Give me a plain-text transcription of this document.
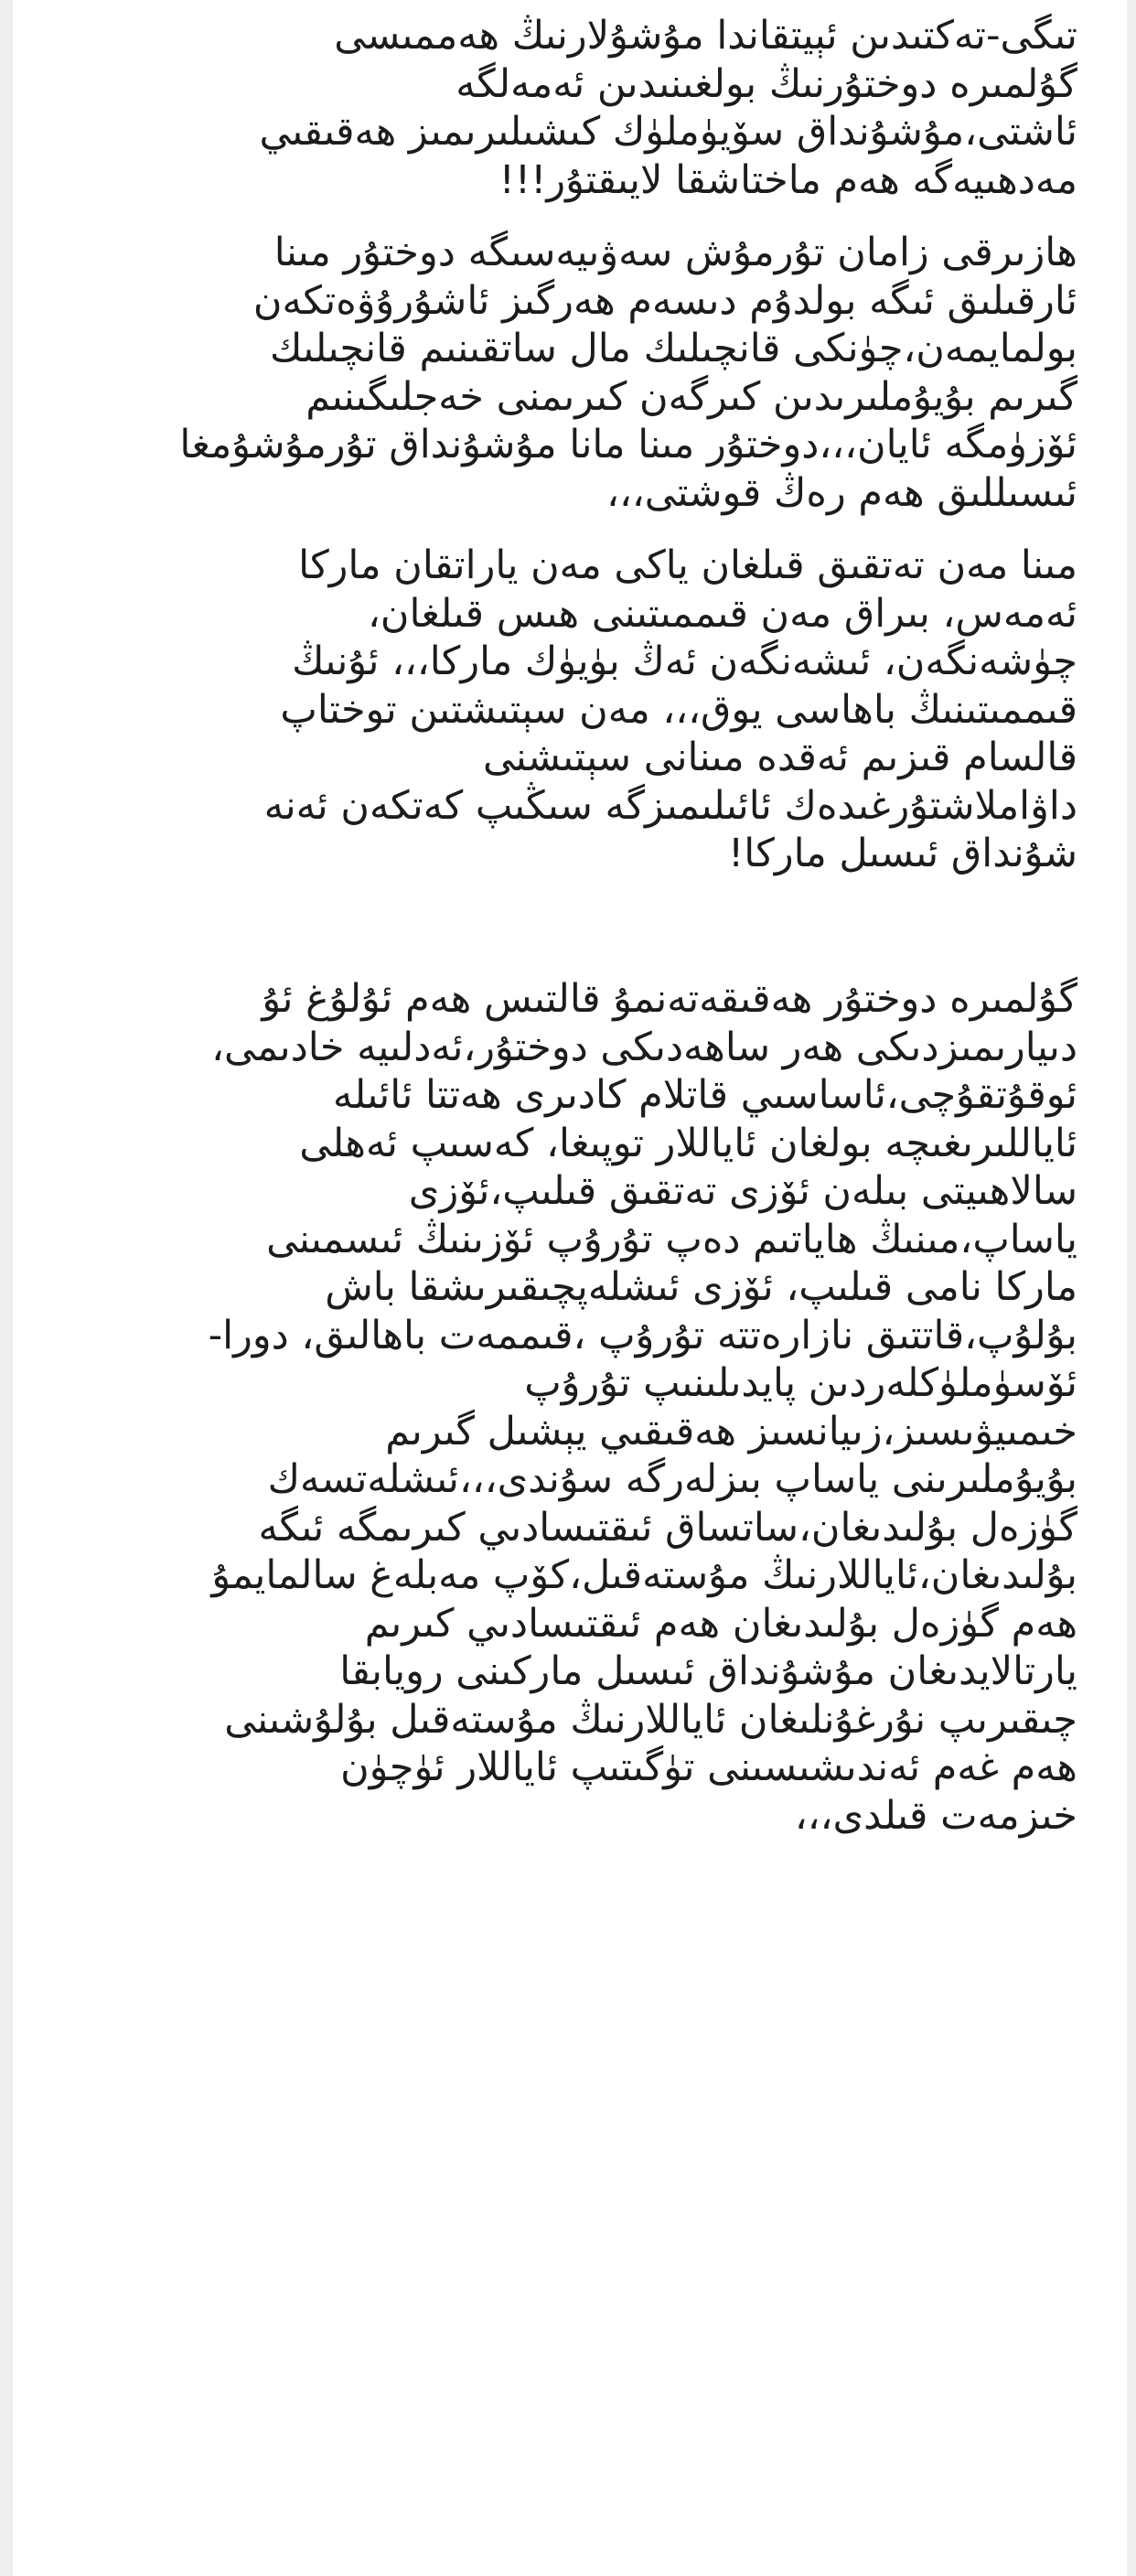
تىگى-تەكتىدىن ئېيتقاندا مۇشۇلارنىڭ ھەممىسى
گۇلمىرە دوختۇرنىڭ بولغىنىدىن ئەمەلگە
ئاشتى،مۇشۇنداق سۆيۈملۈك كىشىلىرىمىز ھەقىقىي
مەدھىيەگە ھەم ماختاشقا لايىقتۇر!!!
ھازىرقى زامان تۇرمۇش سەۋىيەسىگە دوختۇر مىنا
ئارقىلىق ئىگە بولدۇم دىسەم ھەرگىز ئاشۇرۇۋەتكەن
بولمايمەن،چۈنكى قانچىلىك مال ساتقىنىم قانچىلىك
گىرىم بۇيۇملىرىدىن كىرگەن كىرىمنى خەجلىگىنىم
ئۆزۈمگە ئايان،،،دوختۇر مىنا مانا مۇشۇنداق تۇرمۇشۇمغا
ئىسىللىق ھەم رەڭ قوشتى،،،
مىنا مەن تەتقىق قىلغان ياكى مەن ياراتقان ماركا
ئەمەس، بىراق مەن قىممىتىنى ھىس قىلغان،
چۈشەنگەن، ئىشەنگەن ئەڭ بۈيۈك ماركا،،، ئۇنىڭ
قىممىتىنىڭ باھاسى يوق،،، مەن سېتىشتىن توختاپ
قالسام قىزىم ئەقدە مىنانى سېتىشنى
داۋاملاشتۇرغىدەك ئائىلىمىزگە سىڭىپ كەتكەن ئەنە
شۇنداق ئىسىل ماركا!
گۇلمىرە دوختۇر ھەقىقەتەنمۇ قالتىس ھەم ئۇلۇغ ئۇ
دىيارىمىزدىكى ھەر ساھەدىكى دوختۇر،ئەدلىيە خادىمى،
ئوقۇتقۇچى،ئاساسىي قاتلام كادىرى ھەتتا ئائىلە
ئاياللىرىغىچە بولغان ئاياللار توپىغا، كەسىپ ئەھلى
سالاھىيتى بىلەن ئۆزى تەتقىق قىلىپ،ئۆزى
ياساپ،مىنىڭ ھاياتىم دەپ تۇرۇپ ئۆزىنىڭ ئىسمىنى
ماركا نامى قىلىپ، ئۆزى ئىشلەپچىقىرىشقا باش
بۇلۇپ،قاتتىق نازارەتتە تۇرۇپ ،قىممەت باھالىق، دورا-
ئۆسۈملۈكلەردىن پايدىلىنىپ تۇرۇپ
خىمىيۋىسىز،زىيانسىز ھەقىقىي يېشىل گىرىم
بۇيۇملىرىنى ياساپ بىزلەرگە سۇندى،،،ئىشلەتسەك
گۈزەل بۇلىدىغان،ساتساق ئىقتىسادىي كىرىمگە ئىگە
بۇلىدىغان،ئاياللارنىڭ مۇستەقىل،كۆپ مەبلەغ سالمايمۇ
ھەم گۈزەل بۇلىدىغان ھەم ئىقتىسادىي كىرىم
يارتالايدىغان مۇشۇنداق ئىسىل ماركىنى رويابقا
چىقىرىپ نۇرغۇنلىغان ئاياللارنىڭ مۇستەقىل بۇلۇشىنى
ھەم غەم ئەندىشىسىنى تۈگىتىپ ئاياللار ئۈچۈن
خىزمەت قىلدى،،،
